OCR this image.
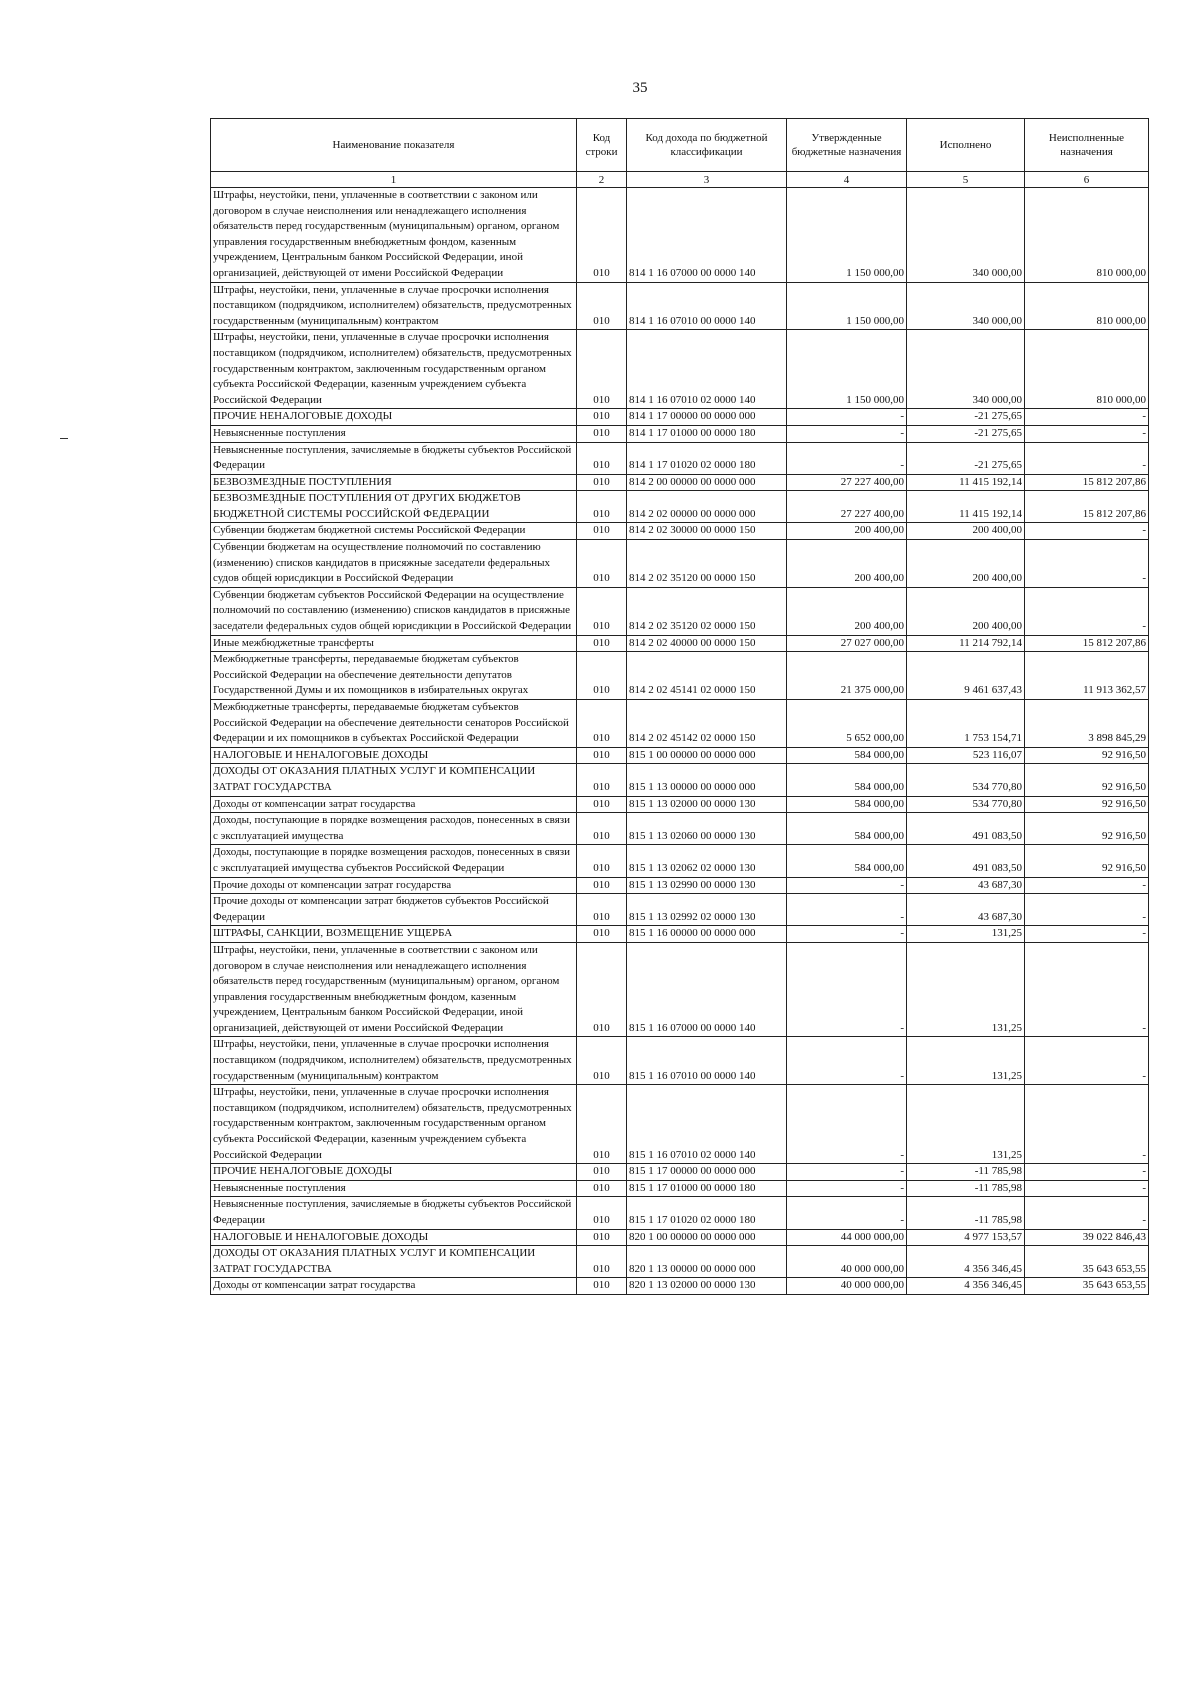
35
Наименование показателя	Код строки	Код дохода по бюджетной классификации	Утвержденные бюджетные назначения	Исполнено	Неисполненные назначения
1	2	3	4	5	6
Штрафы, неустойки, пени, уплаченные в соответствии с законом или договором в случае неисполнения или ненадлежащего исполнения обязательств перед государственным (муниципальным) органом, органом управления государственным внебюджетным фондом, казенным учреждением, Центральным банком Российской Федерации, иной организацией, действующей от имени Российской Федерации	010	814 1 16 07000 00 0000 140	1 150 000,00	340 000,00	810 000,00
Штрафы, неустойки, пени, уплаченные в случае просрочки исполнения поставщиком (подрядчиком, исполнителем) обязательств, предусмотренных государственным (муниципальным) контрактом	010	814 1 16 07010 00 0000 140	1 150 000,00	340 000,00	810 000,00
Штрафы, неустойки, пени, уплаченные в случае просрочки исполнения поставщиком (подрядчиком, исполнителем) обязательств, предусмотренных государственным контрактом, заключенным государственным органом субъекта Российской Федерации, казенным учреждением субъекта Российской Федерации	010	814 1 16 07010 02 0000 140	1 150 000,00	340 000,00	810 000,00
ПРОЧИЕ НЕНАЛОГОВЫЕ ДОХОДЫ	010	814 1 17 00000 00 0000 000	-	-21 275,65	-
Невыясненные поступления	010	814 1 17 01000 00 0000 180	-	-21 275,65	-
Невыясненные поступления, зачисляемые в бюджеты субъектов Российской Федерации	010	814 1 17 01020 02 0000 180	-	-21 275,65	-
БЕЗВОЗМЕЗДНЫЕ ПОСТУПЛЕНИЯ	010	814 2 00 00000 00 0000 000	27 227 400,00	11 415 192,14	15 812 207,86
БЕЗВОЗМЕЗДНЫЕ ПОСТУПЛЕНИЯ ОТ ДРУГИХ БЮДЖЕТОВ БЮДЖЕТНОЙ СИСТЕМЫ РОССИЙСКОЙ ФЕДЕРАЦИИ	010	814 2 02 00000 00 0000 000	27 227 400,00	11 415 192,14	15 812 207,86
Субвенции бюджетам бюджетной системы Российской Федерации	010	814 2 02 30000 00 0000 150	200 400,00	200 400,00	-
Субвенции бюджетам на осуществление полномочий по составлению (изменению) списков кандидатов в присяжные заседатели федеральных судов общей юрисдикции в Российской Федерации	010	814 2 02 35120 00 0000 150	200 400,00	200 400,00	-
Субвенции бюджетам субъектов Российской Федерации на осуществление полномочий по составлению (изменению) списков кандидатов в присяжные заседатели федеральных судов общей юрисдикции в Российской Федерации	010	814 2 02 35120 02 0000 150	200 400,00	200 400,00	-
Иные межбюджетные трансферты	010	814 2 02 40000 00 0000 150	27 027 000,00	11 214 792,14	15 812 207,86
Межбюджетные трансферты, передаваемые бюджетам субъектов Российской Федерации на обеспечение деятельности депутатов Государственной Думы и их помощников в избирательных округах	010	814 2 02 45141 02 0000 150	21 375 000,00	9 461 637,43	11 913 362,57
Межбюджетные трансферты, передаваемые бюджетам субъектов Российской Федерации на обеспечение деятельности сенаторов Российской Федерации и их помощников в субъектах Российской Федерации	010	814 2 02 45142 02 0000 150	5 652 000,00	1 753 154,71	3 898 845,29
НАЛОГОВЫЕ И НЕНАЛОГОВЫЕ ДОХОДЫ	010	815 1 00 00000 00 0000 000	584 000,00	523 116,07	92 916,50
ДОХОДЫ ОТ ОКАЗАНИЯ ПЛАТНЫХ УСЛУГ И КОМПЕНСАЦИИ ЗАТРАТ ГОСУДАРСТВА	010	815 1 13 00000 00 0000 000	584 000,00	534 770,80	92 916,50
Доходы от компенсации затрат государства	010	815 1 13 02000 00 0000 130	584 000,00	534 770,80	92 916,50
Доходы, поступающие в порядке возмещения расходов, понесенных в связи с эксплуатацией имущества	010	815 1 13 02060 00 0000 130	584 000,00	491 083,50	92 916,50
Доходы, поступающие в порядке возмещения расходов, понесенных в связи с эксплуатацией имущества субъектов Российской Федерации	010	815 1 13 02062 02 0000 130	584 000,00	491 083,50	92 916,50
Прочие доходы от компенсации затрат государства	010	815 1 13 02990 00 0000 130	-	43 687,30	-
Прочие доходы от компенсации затрат бюджетов субъектов Российской Федерации	010	815 1 13 02992 02 0000 130	-	43 687,30	-
ШТРАФЫ, САНКЦИИ, ВОЗМЕЩЕНИЕ УЩЕРБА	010	815 1 16 00000 00 0000 000	-	131,25	-
Штрафы, неустойки, пени, уплаченные в соответствии с законом или договором в случае неисполнения или ненадлежащего исполнения обязательств перед государственным (муниципальным) органом, органом управления государственным внебюджетным фондом, казенным учреждением, Центральным банком Российской Федерации, иной организацией, действующей от имени Российской Федерации	010	815 1 16 07000 00 0000 140	-	131,25	-
Штрафы, неустойки, пени, уплаченные в случае просрочки исполнения поставщиком (подрядчиком, исполнителем) обязательств, предусмотренных государственным (муниципальным) контрактом	010	815 1 16 07010 00 0000 140	-	131,25	-
Штрафы, неустойки, пени, уплаченные в случае просрочки исполнения поставщиком (подрядчиком, исполнителем) обязательств, предусмотренных государственным контрактом, заключенным государственным органом субъекта Российской Федерации, казенным учреждением субъекта Российской Федерации	010	815 1 16 07010 02 0000 140	-	131,25	-
ПРОЧИЕ НЕНАЛОГОВЫЕ ДОХОДЫ	010	815 1 17 00000 00 0000 000	-	-11 785,98	-
Невыясненные поступления	010	815 1 17 01000 00 0000 180	-	-11 785,98	-
Невыясненные поступления, зачисляемые в бюджеты субъектов Российской Федерации	010	815 1 17 01020 02 0000 180	-	-11 785,98	-
НАЛОГОВЫЕ И НЕНАЛОГОВЫЕ ДОХОДЫ	010	820 1 00 00000 00 0000 000	44 000 000,00	4 977 153,57	39 022 846,43
ДОХОДЫ ОТ ОКАЗАНИЯ ПЛАТНЫХ УСЛУГ И КОМПЕНСАЦИИ ЗАТРАТ ГОСУДАРСТВА	010	820 1 13 00000 00 0000 000	40 000 000,00	4 356 346,45	35 643 653,55
Доходы от компенсации затрат государства	010	820 1 13 02000 00 0000 130	40 000 000,00	4 356 346,45	35 643 653,55
